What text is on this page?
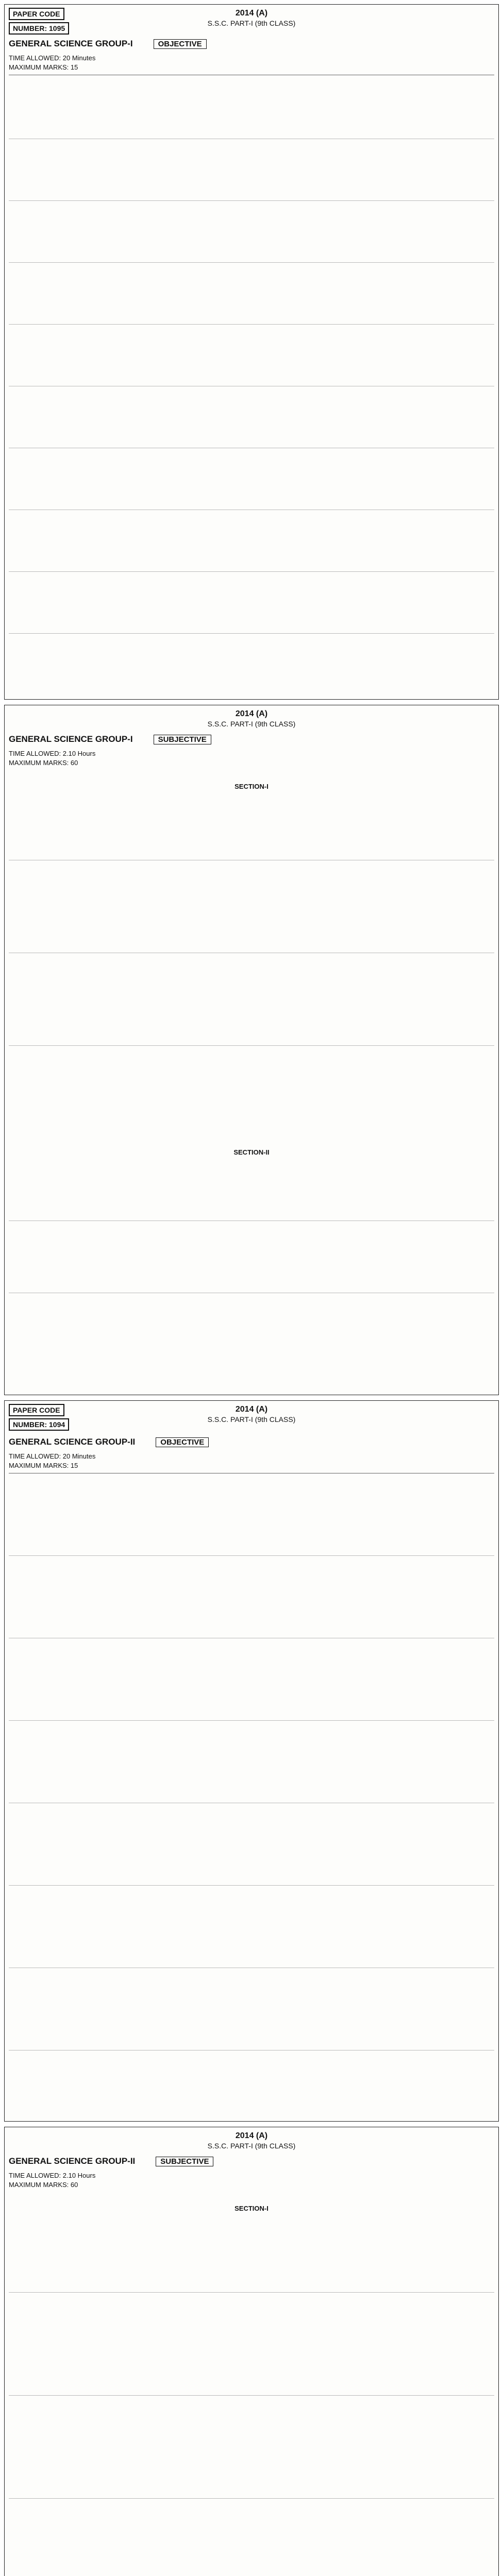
PAPER CODE
NUMBER: 1095
2014 (A)
S.S.C. PART-I (9th CLASS)
GENERAL SCIENCE GROUP-I	OBJECTIVE
TIME ALLOWED: 20 Minutes
MAXIMUM MARKS: 15
2014 (A)
S.S.C. PART-I (9th CLASS)
GENERAL SCIENCE GROUP-I	SUBJECTIVE
TIME ALLOWED: 2.10 Hours
MAXIMUM MARKS: 60
SECTION-I
SECTION-II
PAPER CODE
NUMBER: 1094
2014 (A)
S.S.C. PART-I (9th CLASS)
GENERAL SCIENCE GROUP-II	OBJECTIVE
TIME ALLOWED: 20 Minutes
MAXIMUM MARKS: 15
2014 (A)
S.S.C. PART-I (9th CLASS)
GENERAL SCIENCE GROUP-II	SUBJECTIVE
TIME ALLOWED: 2.10 Hours
MAXIMUM MARKS: 60
SECTION-I
